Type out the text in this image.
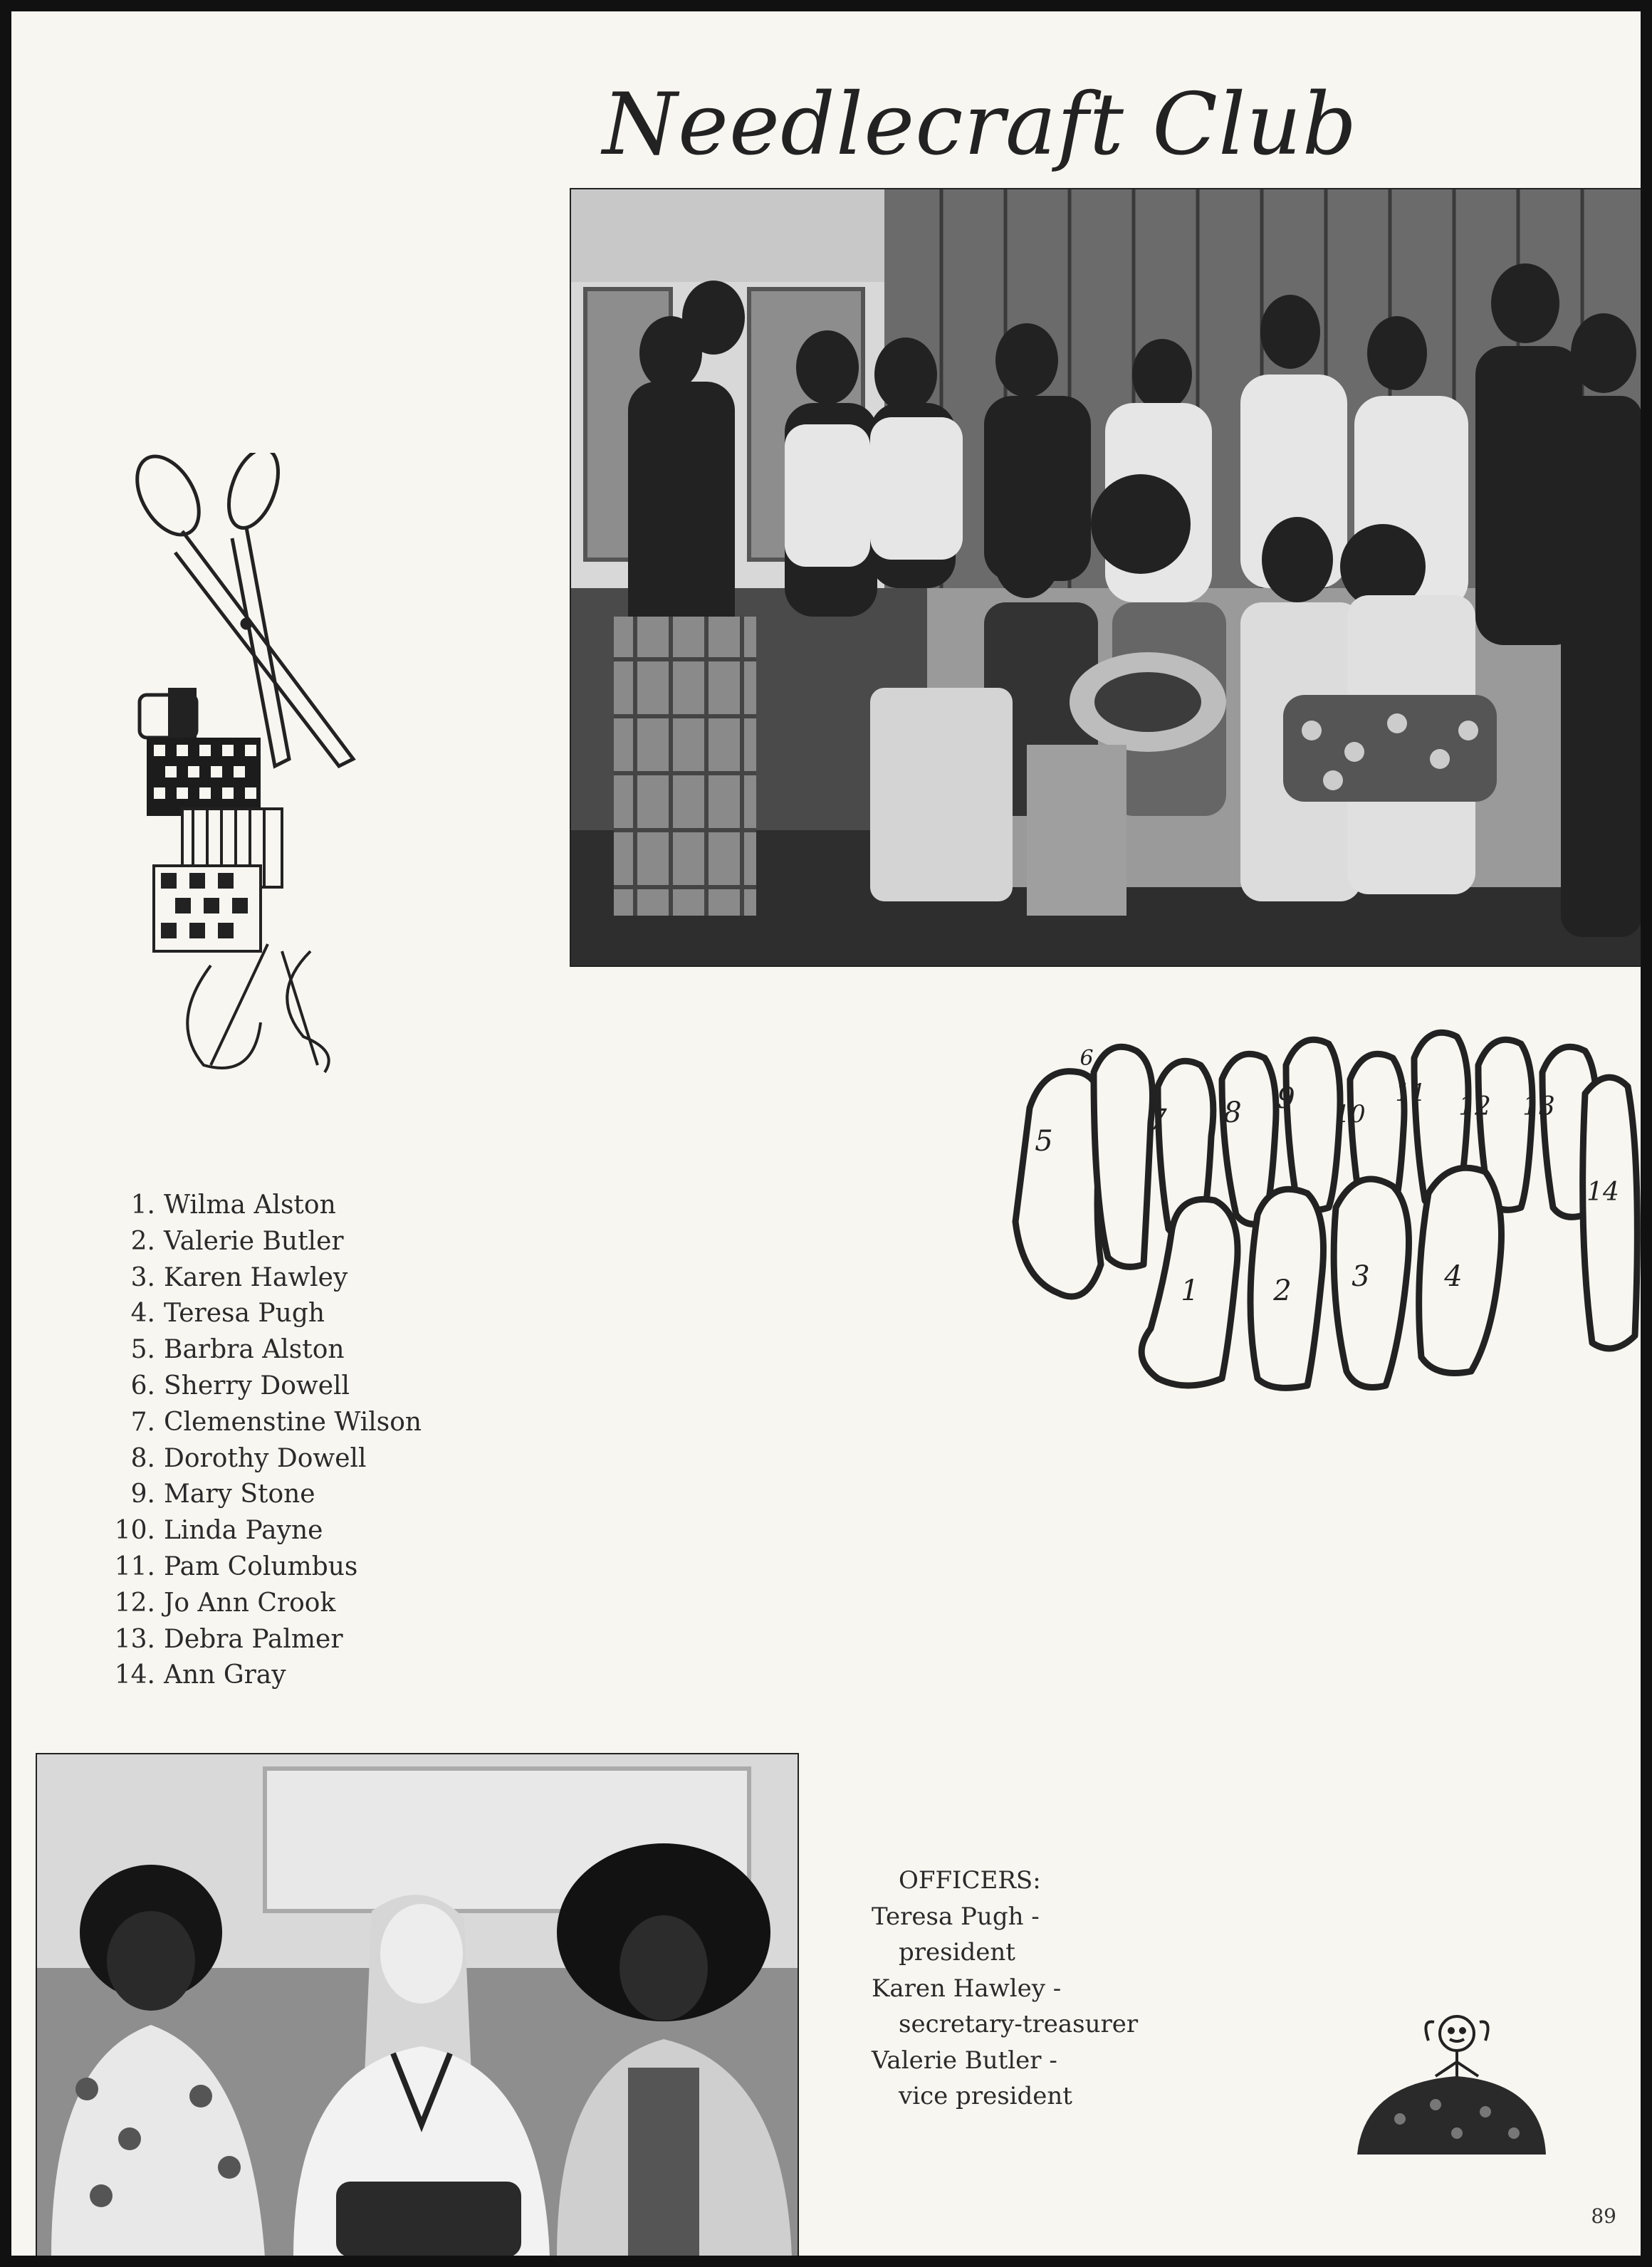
Needlecraft Club
1	2 3	4
5
6
7 8 9 10
11 12 13
14
1. Wilma Alston
2. Valerie Butler
3. Karen Hawley
4. Teresa Pugh
5. Barbra Alston
6. Sherry Dowell
7. Clemenstine Wilson
8. Dorothy Dowell
9. Mary Stone
10. Linda Payne
11. Pam Columbus
12. Jo Ann Crook
13. Debra Palmer
14. Ann Gray
OFFICERS:
Teresa Pugh -
president
Karen Hawley -
secretary-treasurer
Valerie Butler -
vice president
89
